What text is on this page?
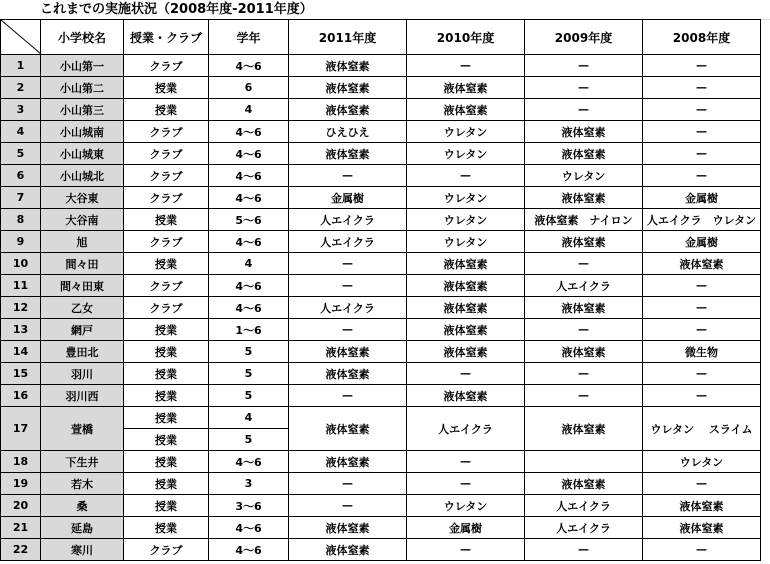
これまでの実施状況（2008年度‐2011年度）
	小学校名	授業・クラブ	学年	2011年度	2010年度	2009年度	2008年度
1	小山第一	クラブ	4〜6	液体窒素	—	—	—
2	小山第二	授業	6	液体窒素	液体窒素	—	—
3	小山第三	授業	4	液体窒素	液体窒素	—	—
4	小山城南	クラブ	4〜6	ひえひえ	ウレタン	液体窒素	—
5	小山城東	クラブ	4〜6	液体窒素	ウレタン	液体窒素	—
6	小山城北	クラブ	4〜6	—	—	ウレタン	—
7	大谷東	クラブ	4〜6	金属樹	ウレタン	液体窒素	金属樹
8	大谷南	授業	5〜6	人エイクラ	ウレタン	液体窒素　ナイロン	人エイクラ　ウレタン
9	旭	クラブ	4〜6	人エイクラ	ウレタン	液体窒素	金属樹
10	間々田	授業	4	—	液体窒素	—	液体窒素
11	間々田東	クラブ	4〜6	—	液体窒素	人エイクラ	—
12	乙女	クラブ	4〜6	人エイクラ	液体窒素	液体窒素	—
13	網戸	授業	1〜6	—	液体窒素	—	—
14	豊田北	授業	5	液体窒素	液体窒素	液体窒素	微生物
15	羽川	授業	5	液体窒素	—	—	—
16	羽川西	授業	5	—	液体窒素	—	—
17	萱橋	授業	4	液体窒素	人エイクラ	液体窒素	ウレタン　 スライム
		授業	5				
18	下生井	授業	4〜6	液体窒素	—		ウレタン
19	若木	授業	3	—	—	液体窒素	—
20	桑	授業	3〜6	—	ウレタン	人エイクラ	液体窒素
21	延島	授業	4〜6	液体窒素	金属樹	人エイクラ	液体窒素
22	寒川	クラブ	4〜6	液体窒素	—	—	—
